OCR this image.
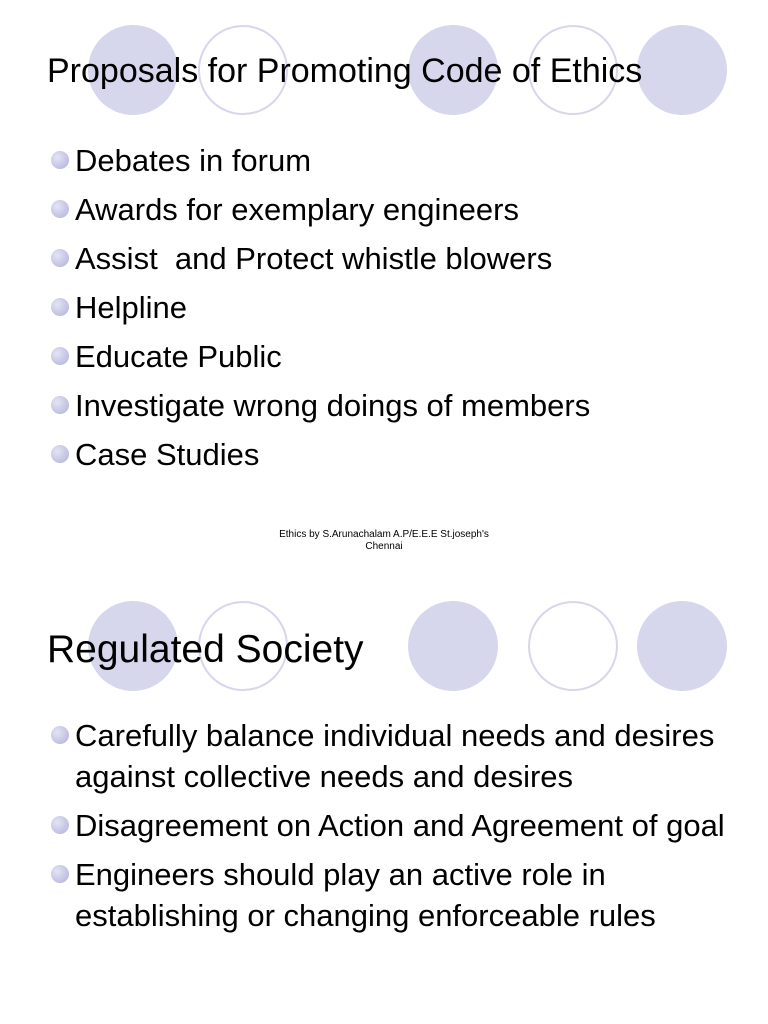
Proposals for Promoting Code of Ethics
Debates in forum
Awards for exemplary engineers
Assist  and Protect whistle blowers
Helpline
Educate Public
Investigate wrong doings of members
Case Studies
Ethics by S.Arunachalam A.P/E.E.E St.joseph's
Chennai
Regulated Society
Carefully balance individual needs and desires against collective needs and desires
Disagreement on Action and Agreement of goal
Engineers should play an active role in establishing or changing enforceable rules
